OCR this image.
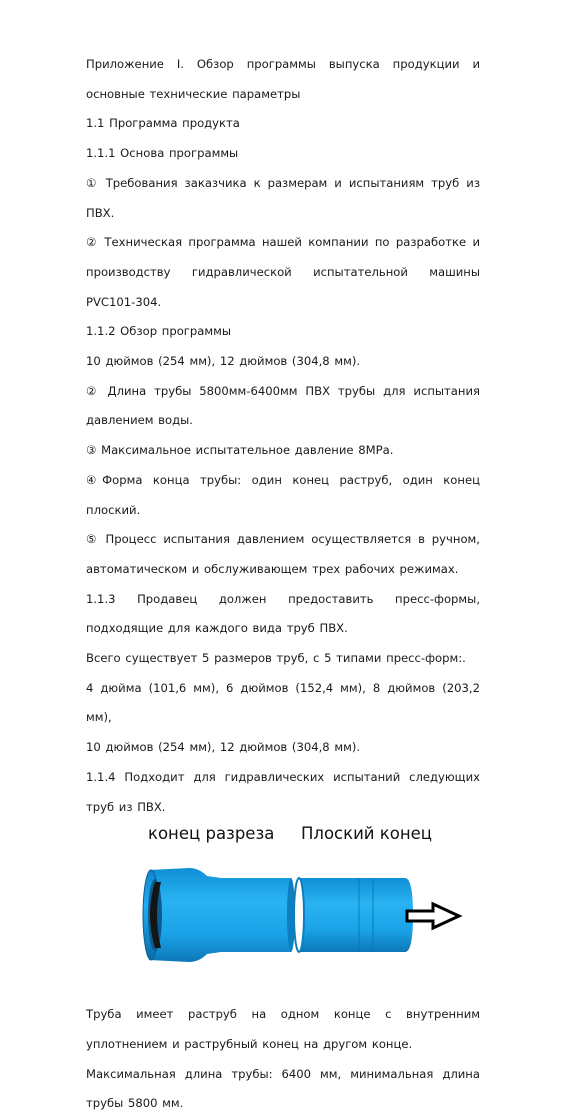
Приложение I. Обзор программы выпуска продукции и основные технические параметры

1.1 Программа продукта

1.1.1 Основа программы

① Требования заказчика к размерам и испытаниям труб из ПВХ.

② Техническая программа нашей компании по разработке и производству гидравлической испытательной машины PVC101-304.

1.1.2 Обзор программы

10 дюймов (254 мм), 12 дюймов (304,8 мм).

② Длина трубы 5800мм-6400мм ПВХ трубы для испытания давлением воды.

③ Максимальное испытательное давление 8МРа.

④Форма конца трубы: один конец раструб, один конец плоский.

⑤ Процесс испытания давлением осуществляется в ручном, автоматическом и обслуживающем трех рабочих режимах.

1.1.3 Продавец должен предоставить пресс-формы, подходящие для каждого вида труб ПВХ.

Всего существует 5 размеров труб, с 5 типами пресс-форм:.

4 дюйма (101,6 мм), 6 дюймов (152,4 мм), 8 дюймов (203,2 мм),

10 дюймов (254 мм), 12 дюймов (304,8 мм).

1.1.4 Подходит для гидравлических испытаний следующих труб из ПВХ.

конец разреза Плоский конец

Труба имеет раструб на одном конце с внутренним уплотнением и раструбный конец на другом конце.

Максимальная длина трубы: 6400 мм, минимальная длина трубы 5800 мм.
